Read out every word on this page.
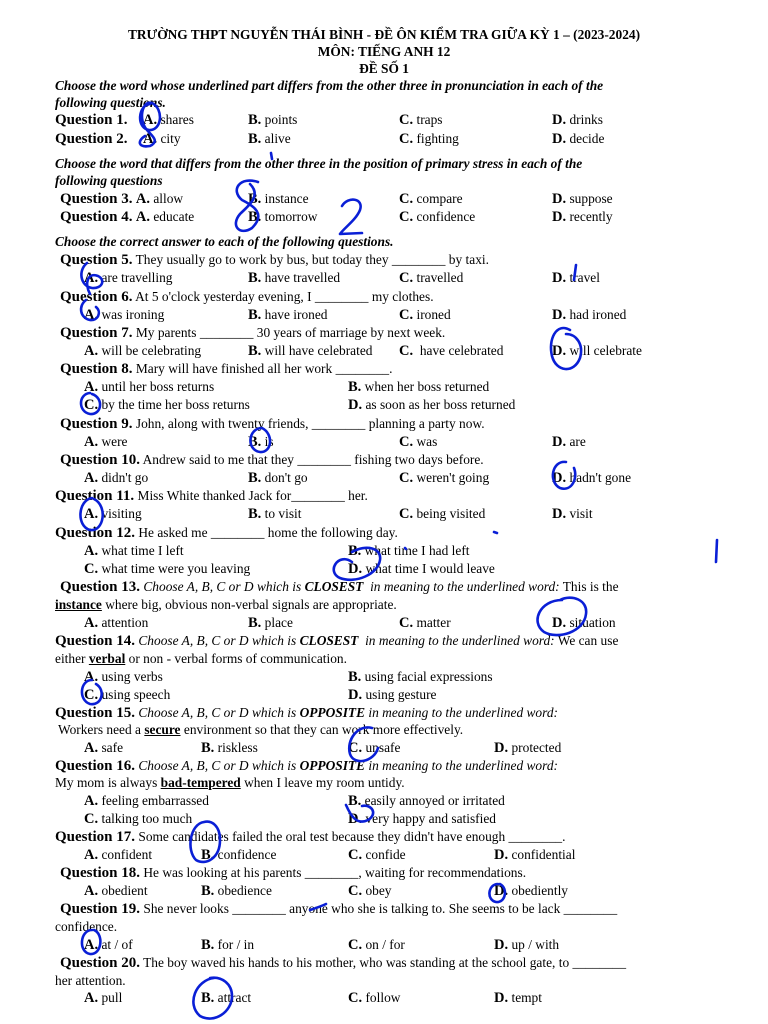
TRƯỜNG THPT NGUYỄN THÁI BÌNH - ĐỀ ÔN KIỂM TRA GIỮA KỲ 1 – (2023-2024)
MÔN: TIẾNG ANH 12
ĐỀ SỐ 1
Choose the word whose underlined part differs from the other three in pronunciation in each of the
following questions.
Question 1. A. shares	B. points	C. traps	D. drinks
Question 2. A. city	B. alive	C. fighting	D. decide
Choose the word that differs from the other three in the position of primary stress in each of the
following questions
Question 3. A. allow	B. instance	C. compare	D. suppose
Question 4. A. educate	B. tomorrow	C. confidence	D. recently
Choose the correct answer to each of the following questions.
Question 5. They usually go to work by bus, but today they ________ by taxi.
A. are travelling	B. have travelled	C. travelled	D. travel
Question 6. At 5 o'clock yesterday evening, I ________ my clothes.
A. was ironing	B. have ironed	C. ironed	D. had ironed
Question 7. My parents ________ 30 years of marriage by next week.
A. will be celebrating	B. will have celebrated C. have celebrated	D. will celebrate
Question 8. Mary will have finished all her work ________.
A. until her boss returns	B. when her boss returned
C. by the time her boss returns	D. as soon as her boss returned
Question 9. John, along with twenty friends, ________ planning a party now.
A. were	B. is	C. was	D. are
Question 10. Andrew said to me that they ________ fishing two days before.
A. didn't go	B. don't go	C. weren't going	D. hadn't gone
Question 11. Miss White thanked Jack for________ her.
A. visiting	B. to visit	C. being visited	D. visit
Question 12. He asked me ________ home the following day.
A. what time I left	B. what time I had left
C. what time were you leaving	D. what time I would leave
Question 13. Choose A, B, C or D which is CLOSEST in meaning to the underlined word: This is the
instance where big, obvious non-verbal signals are appropriate.
A. attention	B. place	C. matter	D. situation
Question 14. Choose A, B, C or D which is CLOSEST in meaning to the underlined word: We can use
either verbal or non - verbal forms of communication.
A. using verbs	B. using facial expressions
C. using speech	D. using gesture
Question 15. Choose A, B, C or D which is OPPOSITE in meaning to the underlined word:
Workers need a secure environment so that they can work more effectively.
A. safe	B. riskless	C. unsafe	D. protected
Question 16. Choose A, B, C or D which is OPPOSITE in meaning to the underlined word:
My mom is always bad-tempered when I leave my room untidy.
A. feeling embarrassed	B. easily annoyed or irritated
C. talking too much	D. very happy and satisfied
Question 17. Some candidates failed the oral test because they didn't have enough ________.
A. confident	B. confidence	C. confide	D. confidential
Question 18. He was looking at his parents ________, waiting for recommendations.
A. obedient	B. obedience	C. obey	D. obediently
Question 19. She never looks ________ anyone who she is talking to. She seems to be lack ________
confidence.
A. at / of	B. for / in	C. on / for	D. up / with
Question 20. The boy waved his hands to his mother, who was standing at the school gate, to ________
her attention.
A. pull	B. attract	C. follow	D. tempt
